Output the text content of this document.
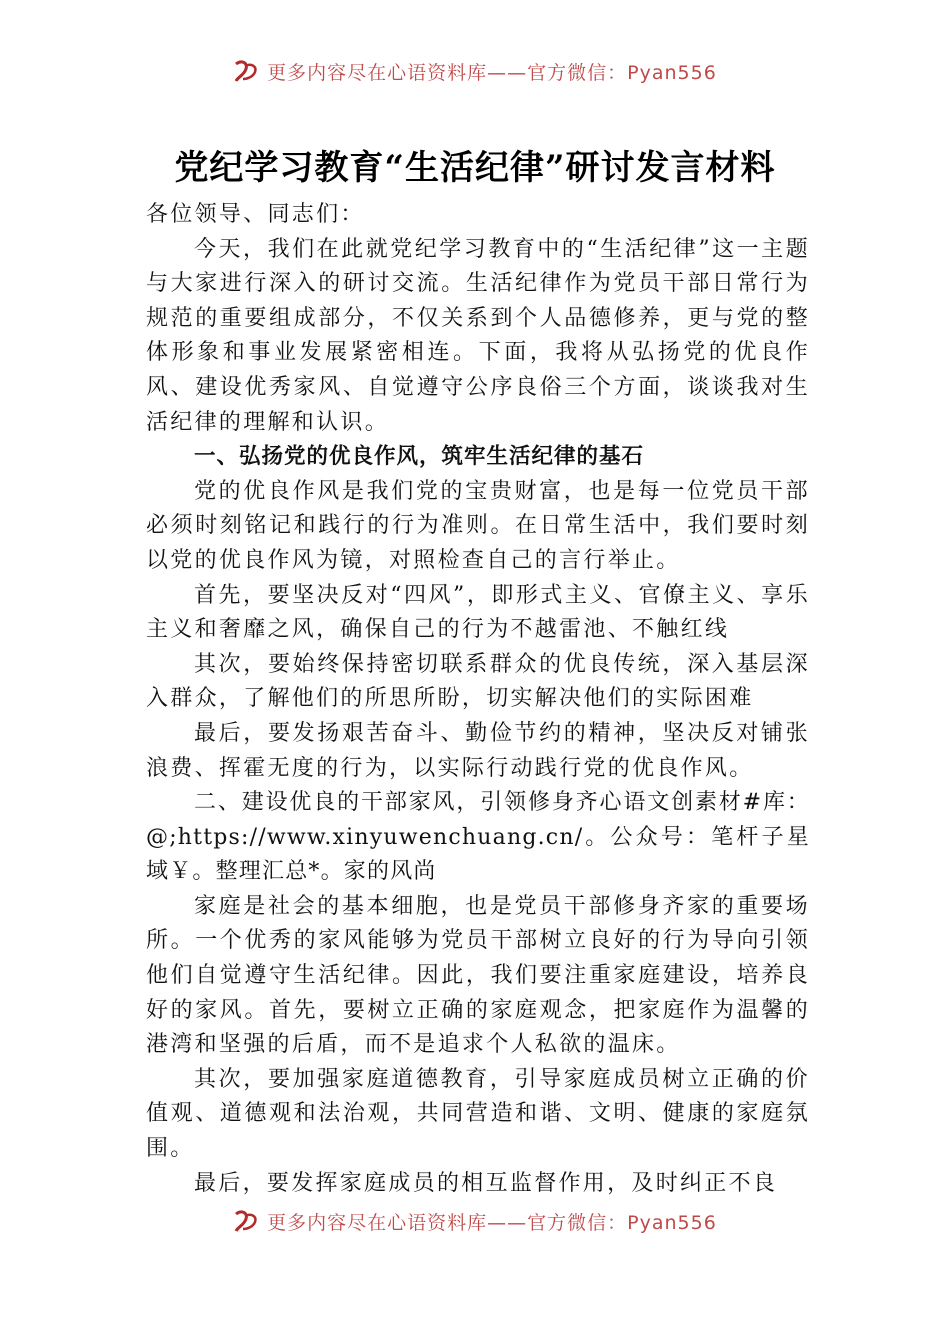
更多内容尽在心语资料库——官方微信：Pyan556
党纪学习教育“生活纪律”研讨发言材料

各位领导、同志们：

今天，我们在此就党纪学习教育中的“生活纪律”这一主题与大家进行深入的研讨交流。生活纪律作为党员干部日常行为规范的重要组成部分，不仅关系到个人品德修养，更与党的整体形象和事业发展紧密相连。下面，我将从弘扬党的优良作风、建设优秀家风、自觉遵守公序良俗三个方面，谈谈我对生活纪律的理解和认识。

一、弘扬党的优良作风，筑牢生活纪律的基石

党的优良作风是我们党的宝贵财富，也是每一位党员干部必须时刻铭记和践行的行为准则。在日常生活中，我们要时刻以党的优良作风为镜，对照检查自己的言行举止。

首先，要坚决反对“四风”，即形式主义、官僚主义、享乐主义和奢靡之风，确保自己的行为不越雷池、不触红线

其次，要始终保持密切联系群众的优良传统，深入基层深入群众，了解他们的所思所盼，切实解决他们的实际困难

最后，要发扬艰苦奋斗、勤俭节约的精神，坚决反对铺张浪费、挥霍无度的行为，以实际行动践行党的优良作风。

二、建设优良的干部家风，引领修身齐心语文创素材#库：@;https://www.xinyuwenchuang.cn/。公众号：笔杆子星域￥。整理汇总*。家的风尚

家庭是社会的基本细胞，也是党员干部修身齐家的重要场所。一个优秀的家风能够为党员干部树立良好的行为导向引领他们自觉遵守生活纪律。因此，我们要注重家庭建设，培养良好的家风。首先，要树立正确的家庭观念，把家庭作为温馨的港湾和坚强的后盾，而不是追求个人私欲的温床。

其次，要加强家庭道德教育，引导家庭成员树立正确的价值观、道德观和法治观，共同营造和谐、文明、健康的家庭氛围。

最后，要发挥家庭成员的相互监督作用，及时纠正不良

更多内容尽在心语资料库——官方微信：Pyan556
